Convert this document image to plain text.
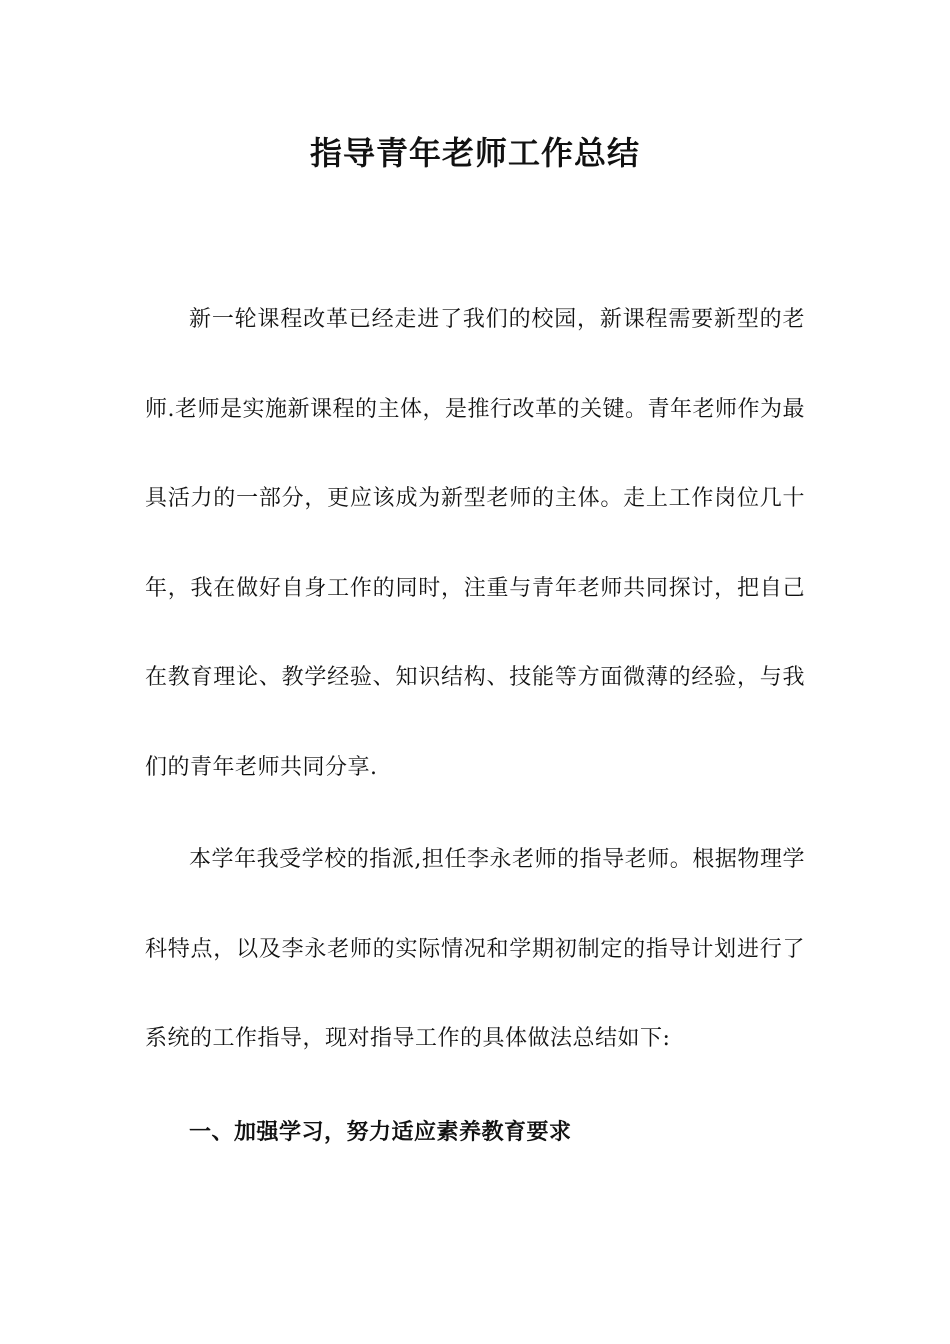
指导青年老师工作总结

新一轮课程改革已经走进了我们的校园，新课程需要新型的老师.老师是实施新课程的主体，是推行改革的关键。青年老师作为最具活力的一部分，更应该成为新型老师的主体。走上工作岗位几十年，我在做好自身工作的同时，注重与青年老师共同探讨，把自己在教育理论、教学经验、知识结构、技能等方面微薄的经验，与我们的青年老师共同分享.

本学年我受学校的指派,担任李永老师的指导老师。根据物理学科特点，以及李永老师的实际情况和学期初制定的指导计划进行了系统的工作指导，现对指导工作的具体做法总结如下:

一、加强学习，努力适应素养教育要求
